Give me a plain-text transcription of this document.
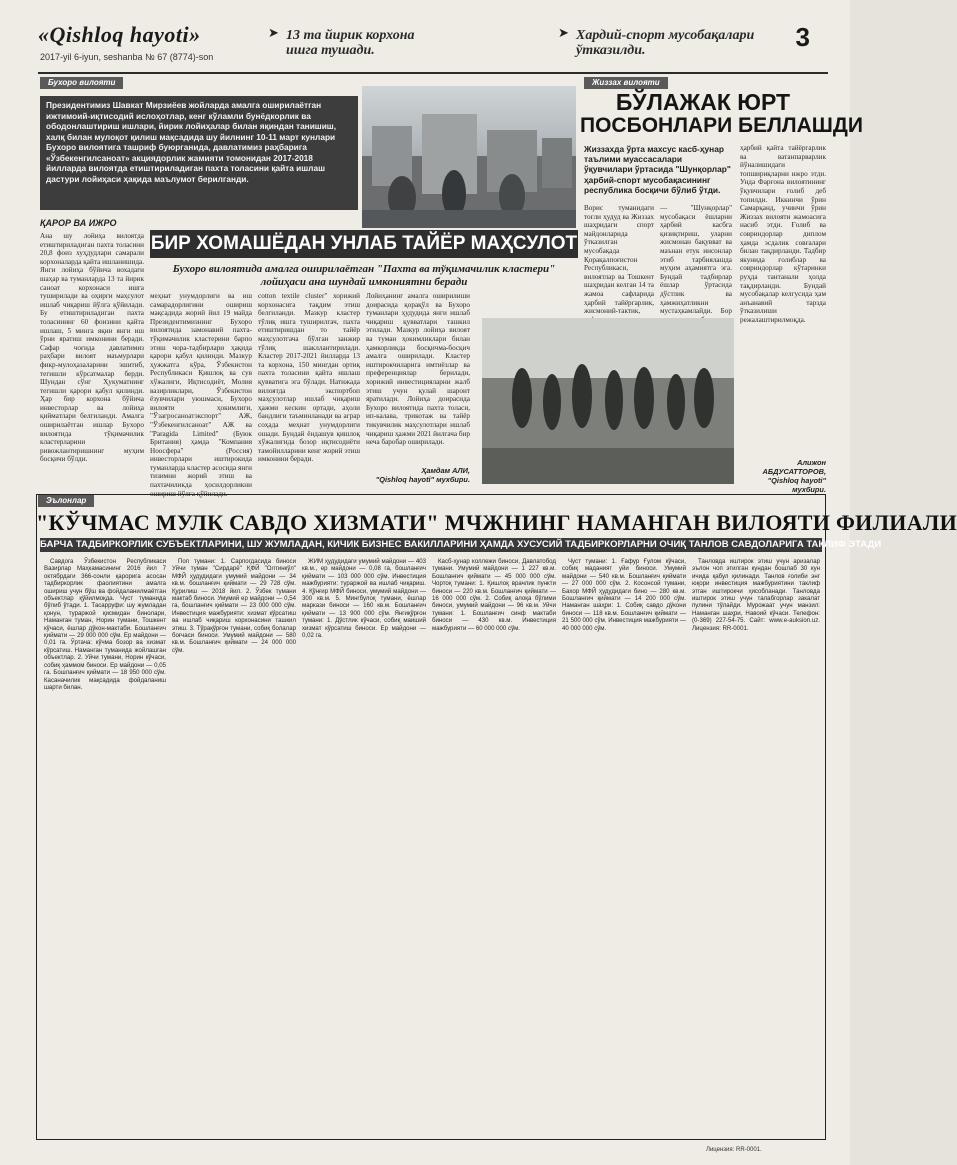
«Qishloq hayoti»
2017-yil 6-iyun, seshanba № 67 (8774)-son
➤ 13 та йирик корхона ишга тушади.
➤ Хардий-спорт мусобақалари ўтказилди.	3
Бухоро вилояти
Президентимиз Шавкат Мирзиёев жойларда амалга оширилаётган ижтимоий-иқтисодий ислоҳотлар, кенг кўламли бунёдкорлик ва ободонлаштириш ишлари, йирик лойиҳалар билан яқиндан танишиш, халқ билан мулоқот қилиш мақсадида шу йилнинг 10-11 март кунлари Бухоро вилоятига ташриф буюрганида, давлатимиз раҳбарига «Ўзбекенгилсаноат» акциядорлик жамияти томонидан 2017-2018 йилларда вилоятда етиштириладиган пахта толасини қайта ишлаш дастури лойиҳаси ҳақида маълумот берилганди.
ҚАРОР ВА ИЖРО
Ана шу лойиҳа вилоятда етиштириладиган пахта толасини 20,8 фоиз хуҳдудлари самарали корхоналарда қайта ишланишида. Янги лойиҳа бўйича вохадаги шаҳар ва туманларда 13 та йирик саноат корхонаси ишга туширилади ва оҳирги маҳсулот ишлаб чиқариш йўлга қўйилади. Бу етиштириладиган пахта толасининг 60 фоизини қайта ишлаш, 5 минга яқин янги иш ўрни яратиш имконини беради. Сафар чоғида давлатимиз раҳбари вилоят маъмурлари фикр-мулоҳазаларини эшитиб, тегишли кўрсатмалар берди. Шундан сўнг Ҳукуматнинг тегишли қарори қабул қилинди. Ҳар бир корхона бўйича инвесторлар ва лойиҳа қийматлари белгиланди. Амалга оширилаётган ишлар Бухоро вилоятида тўқимачилик кластерларини ривожлантиришнинг муҳим босқичи бўлди.
БИР ХОМАШЁДАН УНЛАБ ТАЙЁР МАҲСУЛОТ
Бухоро вилоятида амалга оширилаётган "Пахта ва тўқимачилик кластери" лойиҳаси ана шундай имкониятни беради
меҳнат унумдорлиги ва иш самарадорлигини ошириш мақсадида жорий йил 19 майда Президентимизнинг Бухоро вилоятида замонавий пахта-тўқимачилик кластерини барпо этиш чора-тадбирлари ҳақида қарори қабул қилинди. Мазкур ҳужжатга кўра, Ўзбекистон Республикаси Қишлоқ ва сув хўжалиги, Иқтисодиёт, Молия вазирликлари, Ўзбекистон ёзувчилари уюшмаси, Бухоро вилояти ҳокимлиги, "Ўзагросаноатэкспорт" АЖ, "Ўзбекенгилсаноат" АЖ ва "Paragida Limited" (Буюк Британия) ҳамда "Компания Ноосфера" (Россия) инвесторлари иштирокида туманларда кластер асосида янги тизимни жорий этиш ва пахтачиликда ҳосилдорликни ошириш йўлга қўйилади.
cotton textile cluster" хорижий корхонасига тақдим этиш белгиланди. Мазкур кластер тўлиқ ишга туширилгач, пахта етиштиришдан то тайёр маҳсулотгача бўлган занжир тўлиқ шакллантирилади. Кластер 2017-2021 йилларда 13 та корхона, 150 мингдан ортиқ пахта толасини қайта ишлаш қувватига эга бўлади. Натижада вилоятда экспортбоп маҳсулотлар ишлаб чиқариш ҳажми кескин ортади, аҳоли бандлиги таъминланади ва аграр соҳада меҳнат унумдорлиги ошади. Бундай ёндашув қишлоқ хўжалигида бозор иқтисодиёти тамойилларини кенг жорий этиш имконини беради.
Лойиҳанинг амалга оширилиши доирасида қорақўл ва Бухоро туманлари ҳудудида янги ишлаб чиқариш қувватлари ташкил этилади. Мазкур лойиҳа вилоят ва туман ҳокимликлари билан ҳамкорликда босқичма-босқич амалга оширилади. Кластер иштирокчиларига имтиёзлар ва преференциялар берилади, хорижий инвестицияларни жалб этиш учун қулай шароит яратилади. Лойиҳа доирасида Бухоро вилоятида пахта толаси, ип-калава, трикотаж ва тайёр тикувчилик маҳсулотлари ишлаб чиқариш ҳажми 2021 йилгача бир неча баробар оширилади.
Ҳамдам АЛИ,
"Qishloq hayoti" мухбири.
Жиззах вилояти
БЎЛАЖАК ЮРТ
ПОСБОНЛАРИ БЕЛЛАШДИ
Жиззахда ўрта махсус касб-ҳунар таълими муассасалари ўқувчилари ўртасида "Шунқорлар" ҳарбий-спорт мусобақасининг республика босқичи бўлиб ўтди.
Ворис туманидаги тоғли ҳудуд ва Жиззах шаҳридаги спорт майдонларида ўтказилган мусобақада Қорақалпоғистон Республикаси, вилоятлар ва Тошкент шаҳридан келган 14 та жамоа сафларида ҳарбий тайёргарлик, жисмоний-тактик,
— "Шунқорлар" мусобақаси ёшларни ҳарбий касбга қизиқтириш, уларни жисмонан бақувват ва маънан етук инсонлар этиб тарбиялашда муҳим аҳамиятга эга. Бундай тадбирлар ёшлар ўртасида дўстлик ва ҳамжиҳатликни мустаҳкамлайди. Бор
ҳарбий қайта тайёргарлик ва ватанпарварлик йўналишидаги топшириқларни ижро этди. Унда Фарғона вилоятининг ўқувчилари ғолиб деб топилди. Иккинчи ўрин Самарқанд, учинчи ўрин Жиззах вилояти жамоасига насиб этди. Ғолиб ва совриндорлар диплом ҳамда эсдалик совғалари билан тақдирланди. Тадбир якунида ғолиблар ва совриндорлар кўтаринки руҳда тантанали ҳолда тақдирланди. Бундай мусобақалар келгусида ҳам анъанавий тарзда ўтказилиши режалаштирилмоқда.
Алижон АБДУСАТТОРОВ,
"Qishloq hayoti" мухбири.
Эълонлар
"КЎЧМАС МУЛК САВДО ХИЗМАТИ" МЧЖНИНГ НАМАНГАН ВИЛОЯТИ ФИЛИАЛИ
БАРЧА ТАДБИРКОРЛИК СУБЪЕКТЛАРИНИ, ШУ ЖУМЛАДАН, КИЧИК БИЗНЕС ВАКИЛЛАРИНИ ҲАМДА ХУСУСИЙ ТАДБИРКОРЛАРНИ ОЧИҚ ТАНЛОВ САВДОЛАРИГА ТАКЛИФ ЭТАДИ

Савдога Ўзбекистон Республикаси Вазирлар Маҳкамасининг 2016 йил 7 октябрдаги 366-сонли қарорига асосан тадбиркорлик фаолиятини амалга ошириш учун бўш ва фойдаланилмаётган объектлар қўйилмоқда. Чуст туманида бўлиб ўтади. 1. Тасарруфи: шу жумладан қонун, тураржой қисмидан бинолари, Наманган туман, Норин тумани, Тошкент кўчаси, ёшлар дўкон-мактаби. Бошланғич қиймати — 29 000 000 сўм. Ер майдони — 0,01 га. Ўртача: кўчма бозор ва хизмат кўрсатиш. Наманган туманида жойлашган объектлар. 2. Уйчи тумани, Норин кўчаси, собиқ ҳаммом биноси. Ер майдони — 0,05 га. Бошланғич қиймати — 18 950 000 сўм. Касаначилик мақсадида фойдаланиш шарти билан.

Поп тумани: 1. Сарпогдасида биноси Уйчи туман "Сирдарё" ҚФЙ "Олтинкўл" МФЙ ҳудудидаги умумий майдони — 34 кв.м. бошланғич қиймати — 29 728 сўм. Қурилиш — 2018 йил. 2. Ўзбек тумани мактаб биноси. Умумий ер майдони — 0,54 га, бошланғич қиймати — 23 000 000 сўм. Инвестиция мажбурияти: хизмат кўрсатиш ва ишлаб чиқариш корхонасини ташкил этиш. 3. Тўрақўрғон тумани, собиқ болалар боғчаси биноси. Умумий майдони — 580 кв.м. Бошланғич қиймати — 24 000 000 сўм.

ЖИМ ҳудудидаги умумий майдони — 403 кв.м., ер майдони — 0,08 га, бошланғич қиймати — 103 000 000 сўм. Инвестиция мажбурияти: тураржой ва ишлаб чиқариш. 4. Қўнғир МФЙ биноси, умумий майдони — 300 кв.м. 5. Мингбулоқ тумани, ёшлар маркази биноси — 160 кв.м. Бошланғич қиймати — 13 900 000 сўм. Янгиқўрғон тумани: 1. Дўстлик кўчаси, собиқ маиший хизмат кўрсатиш биноси. Ер майдони — 0,02 га.

Касб-ҳунар коллежи биноси, Давлатобод тумани. Умумий майдони — 1 227 кв.м. Бошланғич қиймати — 45 000 000 сўм. Чортоқ тумани: 1. Қишлоқ врачлик пункти биноси — 220 кв.м. Бошланғич қиймати — 16 000 000 сўм. 2. Собиқ алоқа бўлими биноси, умумий майдони — 96 кв.м. Уйчи тумани: 1. Бошланғич синф мактаби биноси — 430 кв.м. Инвестиция мажбурияти — 60 000 000 сўм.

Чуст тумани: 1. Ғафур Ғулом кўчаси, собиқ маданият уйи биноси. Умумий майдони — 540 кв.м. Бошланғич қиймати — 27 000 000 сўм. 2. Косонсой тумани, Бахор МФЙ ҳудудидаги бино — 280 кв.м. Бошланғич қиймати — 14 200 000 сўм. Наманган шаҳри: 1. Собиқ савдо дўкони биноси — 118 кв.м. Бошланғич қиймати — 21 500 000 сўм. Инвестиция мажбурияти — 40 000 000 сўм.

Танловда иштирок этиш учун аризалар эълон чоп этилган кундан бошлаб 30 кун ичида қабул қилинади. Танлов ғолиби энг юқори инвестиция мажбуриятини таклиф этган иштирокчи ҳисобланади. Танловда иштирок этиш учун талабгорлар закалат пулини тўлайди. Мурожаат учун манзил: Наманган шаҳри, Навоий кўчаси. Телефон: (0-369) 227-54-75. Сайт: www.e-auksion.uz. Лицензия: RR-0001.

Лицензия: RR-0001.
